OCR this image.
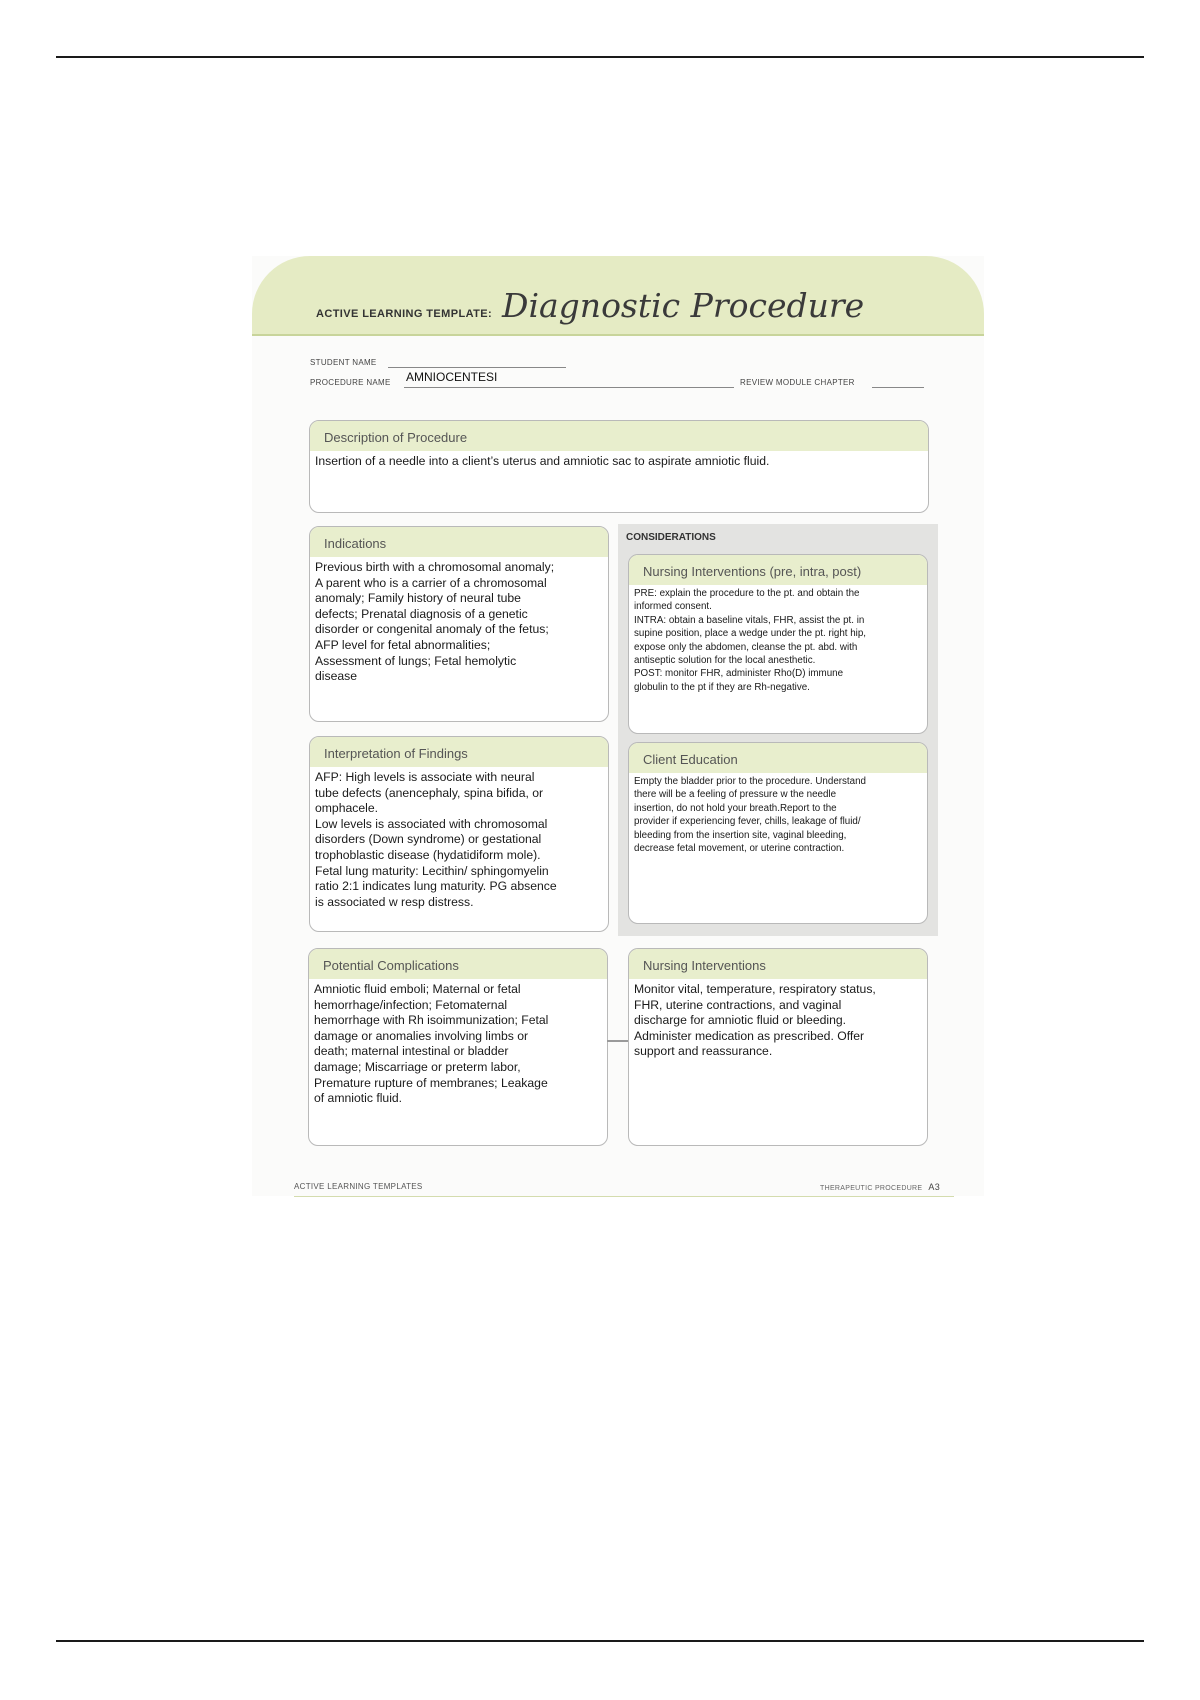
ACTIVE LEARNING TEMPLATE: Diagnostic Procedure
STUDENT NAME
PROCEDURE NAME AMNIOCENTESI	REVIEW MODULE CHAPTER
Description of Procedure
Insertion of a needle into a client’s uterus and amniotic sac to aspirate amniotic fluid.
Indications
Previous birth with a chromosomal anomaly;
A parent who is a carrier of a chromosomal
anomaly; Family history of neural tube
defects; Prenatal diagnosis of a genetic
disorder or congenital anomaly of the fetus;
AFP level for fetal abnormalities;
Assessment of lungs; Fetal hemolytic
disease
Interpretation of Findings
AFP: High levels is associate with neural
tube defects (anencephaly, spina bifida, or
omphacele.
Low levels is associated with chromosomal
disorders (Down syndrome) or gestational
trophoblastic disease (hydatidiform mole).
Fetal lung maturity: Lecithin/ sphingomyelin
ratio 2:1 indicates lung maturity. PG absence
is associated w resp distress.
CONSIDERATIONS
Nursing Interventions (pre, intra, post)
PRE: explain the procedure to the pt. and obtain the
informed consent.
INTRA: obtain a baseline vitals, FHR, assist the pt. in
supine position, place a wedge under the pt. right hip,
expose only the abdomen, cleanse the pt. abd. with
antiseptic solution for the local anesthetic.
POST: monitor FHR, administer Rho(D) immune
globulin to the pt if they are Rh-negative.
Client Education
Empty the bladder prior to the procedure. Understand
there will be a feeling of pressure w the needle
insertion, do not hold your breath.Report to the
provider if experiencing fever, chills, leakage of fluid/
bleeding from the insertion site, vaginal bleeding,
decrease fetal movement, or uterine contraction.
Potential Complications
Amniotic fluid emboli; Maternal or fetal
hemorrhage/infection; Fetomaternal
hemorrhage with Rh isoimmunization; Fetal
damage or anomalies involving limbs or
death; maternal intestinal or bladder
damage; Miscarriage or preterm labor,
Premature rupture of membranes; Leakage
of amniotic fluid.
Nursing Interventions
Monitor vital, temperature, respiratory status,
FHR, uterine contractions, and vaginal
discharge for amniotic fluid or bleeding.
Administer medication as prescribed. Offer
support and reassurance.
ACTIVE LEARNING TEMPLATES	THERAPEUTIC PROCEDURE A3
